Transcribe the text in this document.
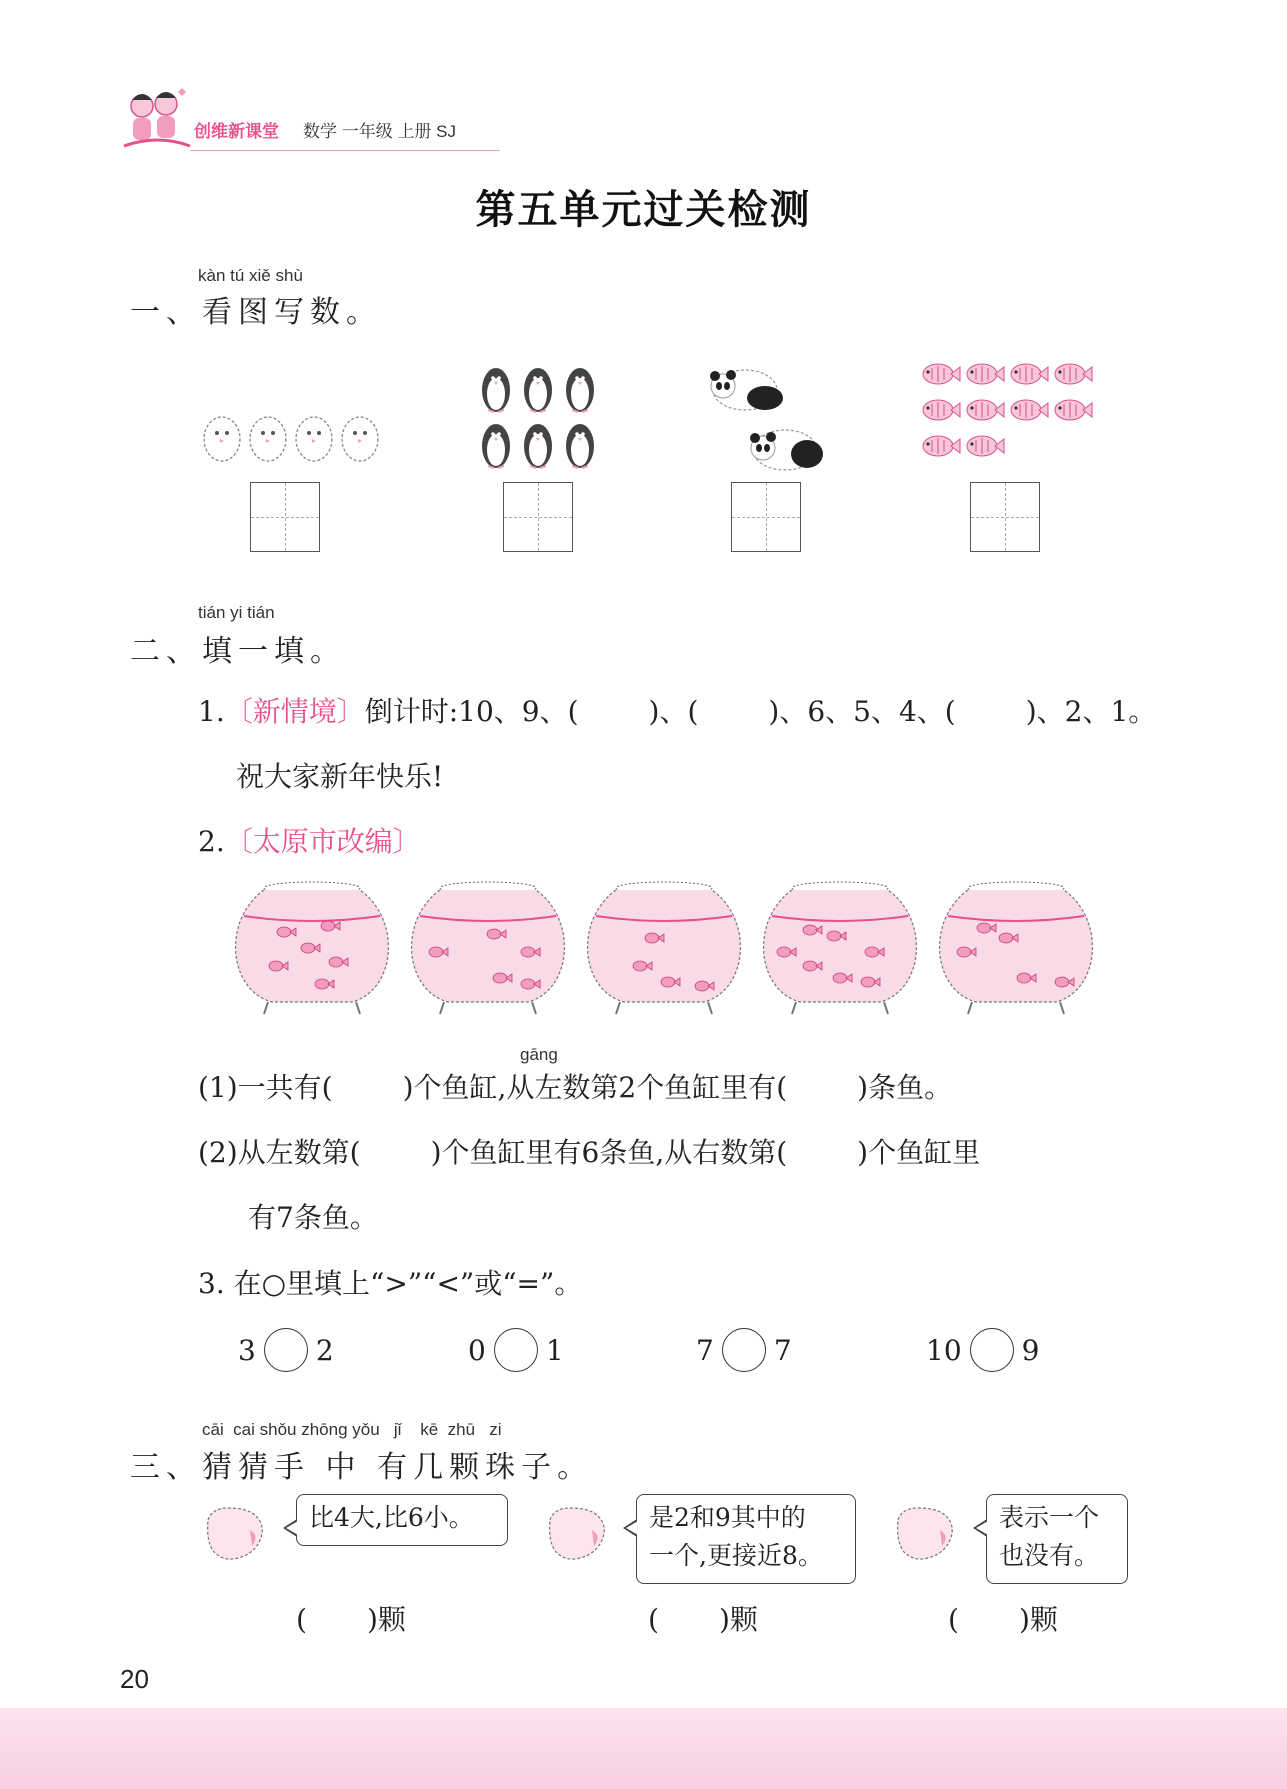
创维新课堂 数学 一年级 上册 SJ
第五单元过关检测
kàn tú xiě shù
一、看图写数。
tián yi tián
二、填一填。
1.〔新情境〕倒计时:10、9、(	)、(	)、6、5、4、(	)、2、1。
祝大家新年快乐!
2.〔太原市改编〕
gāng
(1)一共有(	)个鱼缸,从左数第2个鱼缸里有(	)条鱼。
(2)从左数第(	)个鱼缸里有6条鱼,从右数第(	)个鱼缸里
有7条鱼。
3. 在○里填上“>”“<”或“=”。
3 2	0 1	7 7	10 9
cāi  cai shǒu zhōng yǒu   jǐ    kē  zhū   zi
三、猜猜手 中 有几颗珠子。
比4大,比6小。
( )颗
是2和9其中的
一个,更接近8。
( )颗
表示一个
也没有。
( )颗
20
